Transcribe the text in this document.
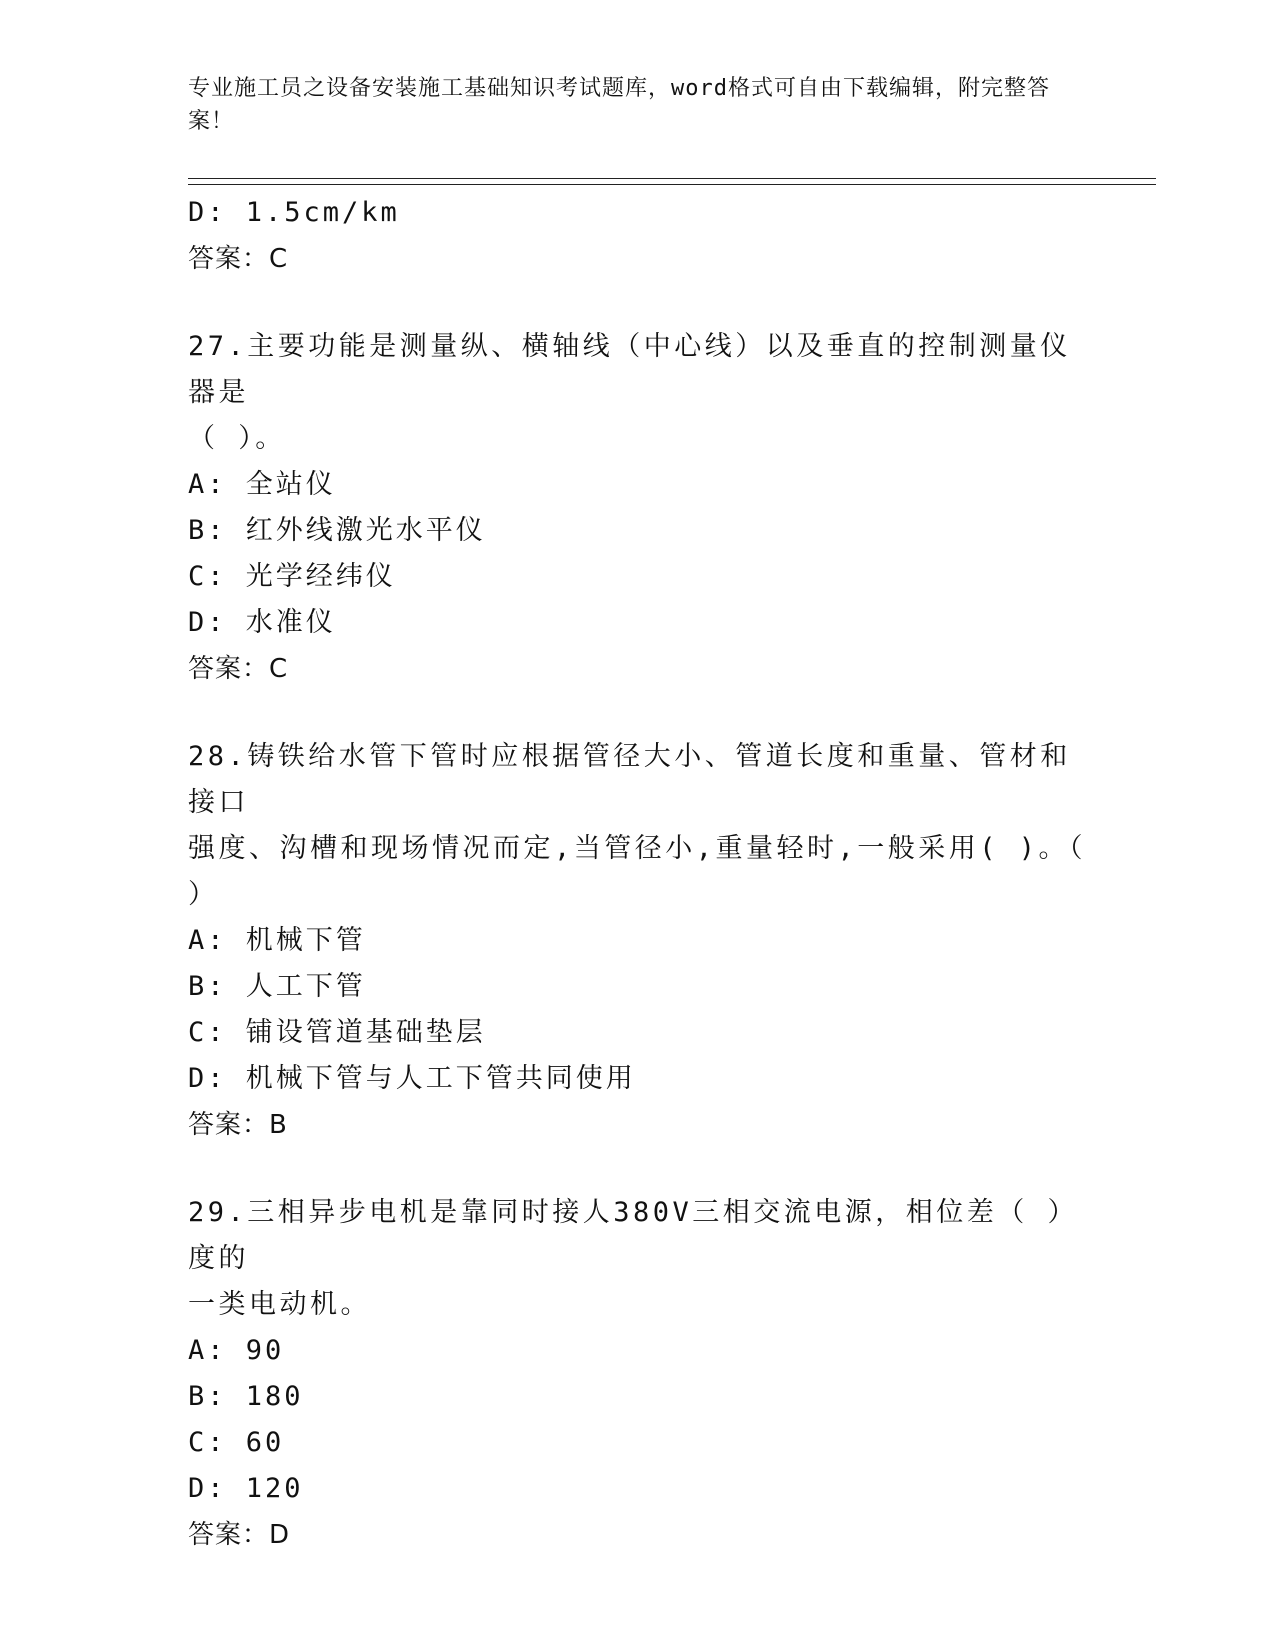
专业施工员之设备安装施工基础知识考试题库，word格式可自由下载编辑，附完整答案！
D: 1.5cm/km
答案：C
27.主要功能是测量纵、横轴线（中心线）以及垂直的控制测量仪器是
（ ）。
A: 全站仪
B: 红外线激光水平仪
C: 光学经纬仪
D: 水准仪
答案：C
28.铸铁给水管下管时应根据管径大小、管道长度和重量、管材和接口
强度、沟槽和现场情况而定,当管径小,重量轻时,一般采用( )。（
）
A: 机械下管
B: 人工下管
C: 铺设管道基础垫层
D: 机械下管与人工下管共同使用
答案：B
29.三相异步电机是靠同时接人380V三相交流电源，相位差（ ）度的
一类电动机。
A: 90
B: 180
C: 60
D: 120
答案：D
